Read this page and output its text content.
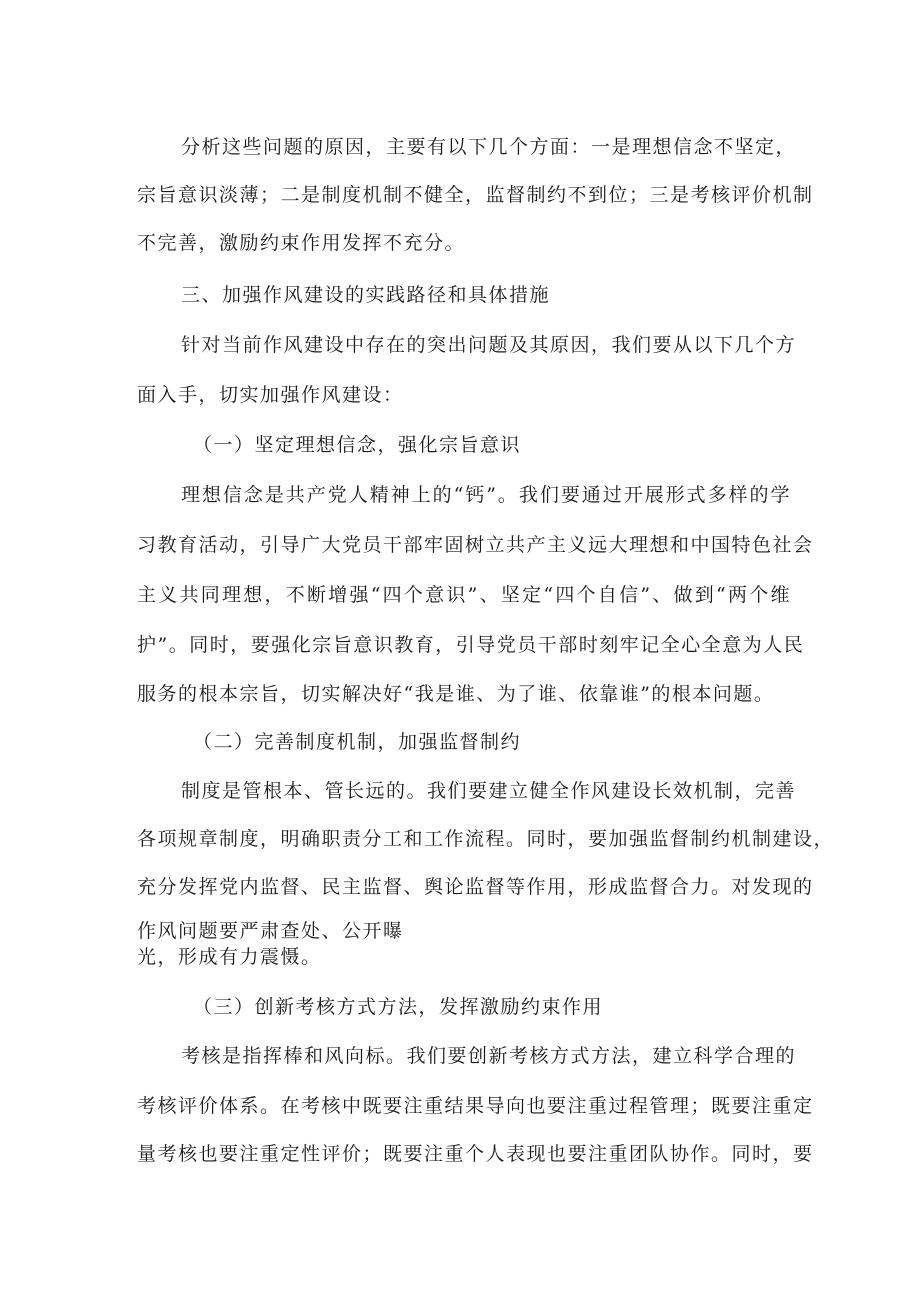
分析这些问题的原因，主要有以下几个方面：一是理想信念不坚定，
宗旨意识淡薄；二是制度机制不健全，监督制约不到位；三是考核评价机制
不完善，激励约束作用发挥不充分。
三、加强作风建设的实践路径和具体措施
针对当前作风建设中存在的突出问题及其原因，我们要从以下几个方
面入手，切实加强作风建设：
（一）坚定理想信念，强化宗旨意识
理想信念是共产党人精神上的“钙”。我们要通过开展形式多样的学
习教育活动，引导广大党员干部牢固树立共产主义远大理想和中国特色社会
主义共同理想，不断增强“四个意识”、坚定“四个自信”、做到“两个维
护”。同时，要强化宗旨意识教育，引导党员干部时刻牢记全心全意为人民
服务的根本宗旨，切实解决好“我是谁、为了谁、依靠谁”的根本问题。
（二）完善制度机制，加强监督制约
制度是管根本、管长远的。我们要建立健全作风建设长效机制，完善
各项规章制度，明确职责分工和工作流程。同时，要加强监督制约机制建设，
充分发挥党内监督、民主监督、舆论监督等作用，形成监督合力。对发现的
作风问题要严肃查处、公开曝
光，形成有力震慑。
（三）创新考核方式方法，发挥激励约束作用
考核是指挥棒和风向标。我们要创新考核方式方法，建立科学合理的
考核评价体系。在考核中既要注重结果导向也要注重过程管理；既要注重定
量考核也要注重定性评价；既要注重个人表现也要注重团队协作。同时，要
